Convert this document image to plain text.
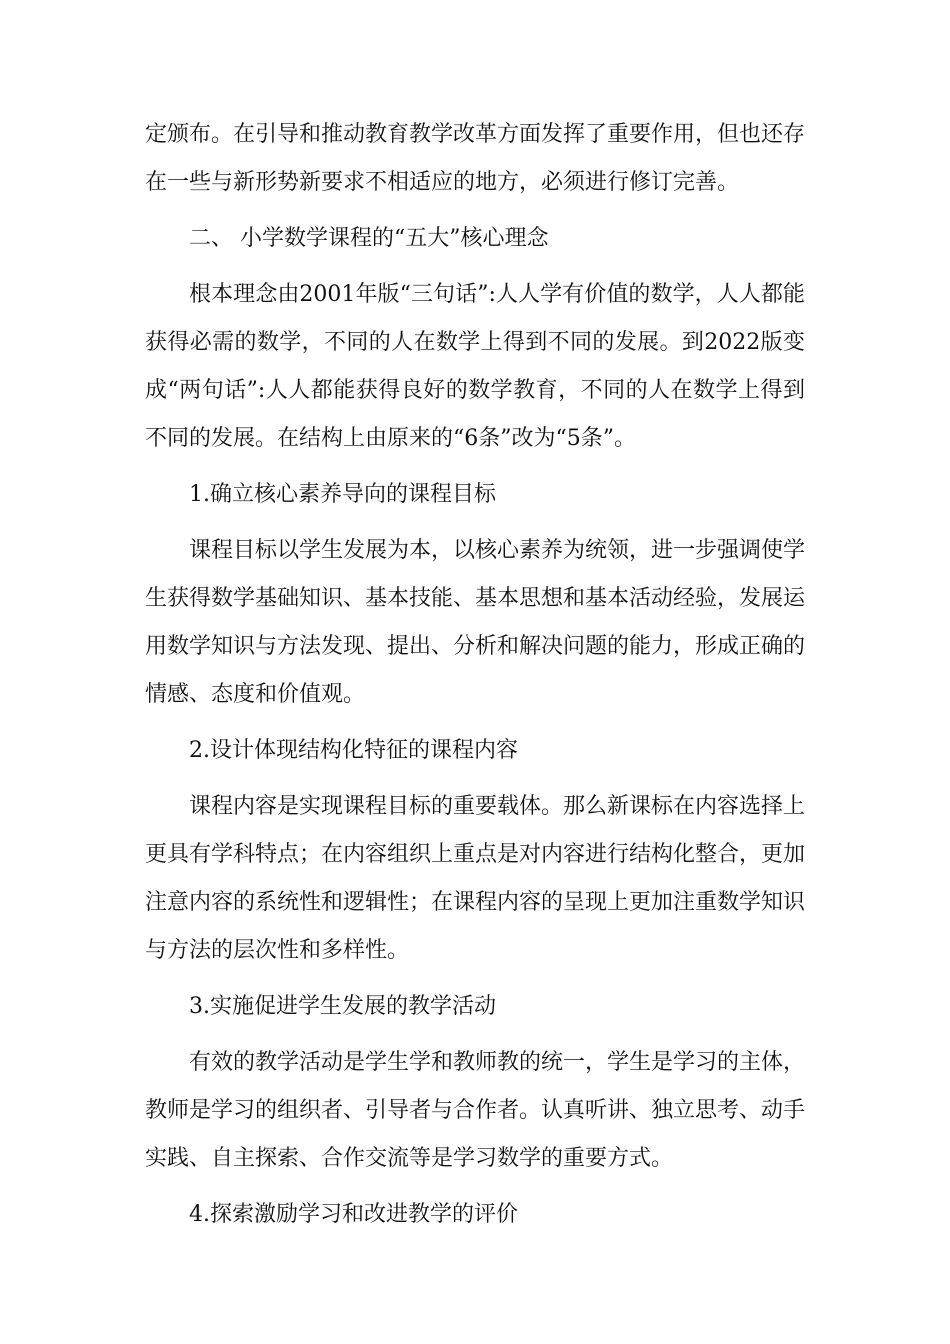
定颁布。在引导和推动教育教学改革方面发挥了重要作用，但也还存在一些与新形势新要求不相适应的地方，必须进行修订完善。

二、 小学数学课程的“五大”核心理念

根本理念由2001年版“三句话”:人人学有价值的数学，人人都能获得必需的数学，不同的人在数学上得到不同的发展。到2022版变成“两句话”:人人都能获得良好的数学教育，不同的人在数学上得到不同的发展。在结构上由原来的“6条”改为“5条”。

1.确立核心素养导向的课程目标

课程目标以学生发展为本，以核心素养为统领，进一步强调使学生获得数学基础知识、基本技能、基本思想和基本活动经验，发展运用数学知识与方法发现、提出、分析和解决问题的能力，形成正确的情感、态度和价值观。

2.设计体现结构化特征的课程内容

课程内容是实现课程目标的重要载体。那么新课标在内容选择上更具有学科特点；在内容组织上重点是对内容进行结构化整合，更加注意内容的系统性和逻辑性；在课程内容的呈现上更加注重数学知识与方法的层次性和多样性。

3.实施促进学生发展的教学活动

有效的教学活动是学生学和教师教的统一，学生是学习的主体，教师是学习的组织者、引导者与合作者。认真听讲、独立思考、动手实践、自主探索、合作交流等是学习数学的重要方式。

4.探索激励学习和改进教学的评价
